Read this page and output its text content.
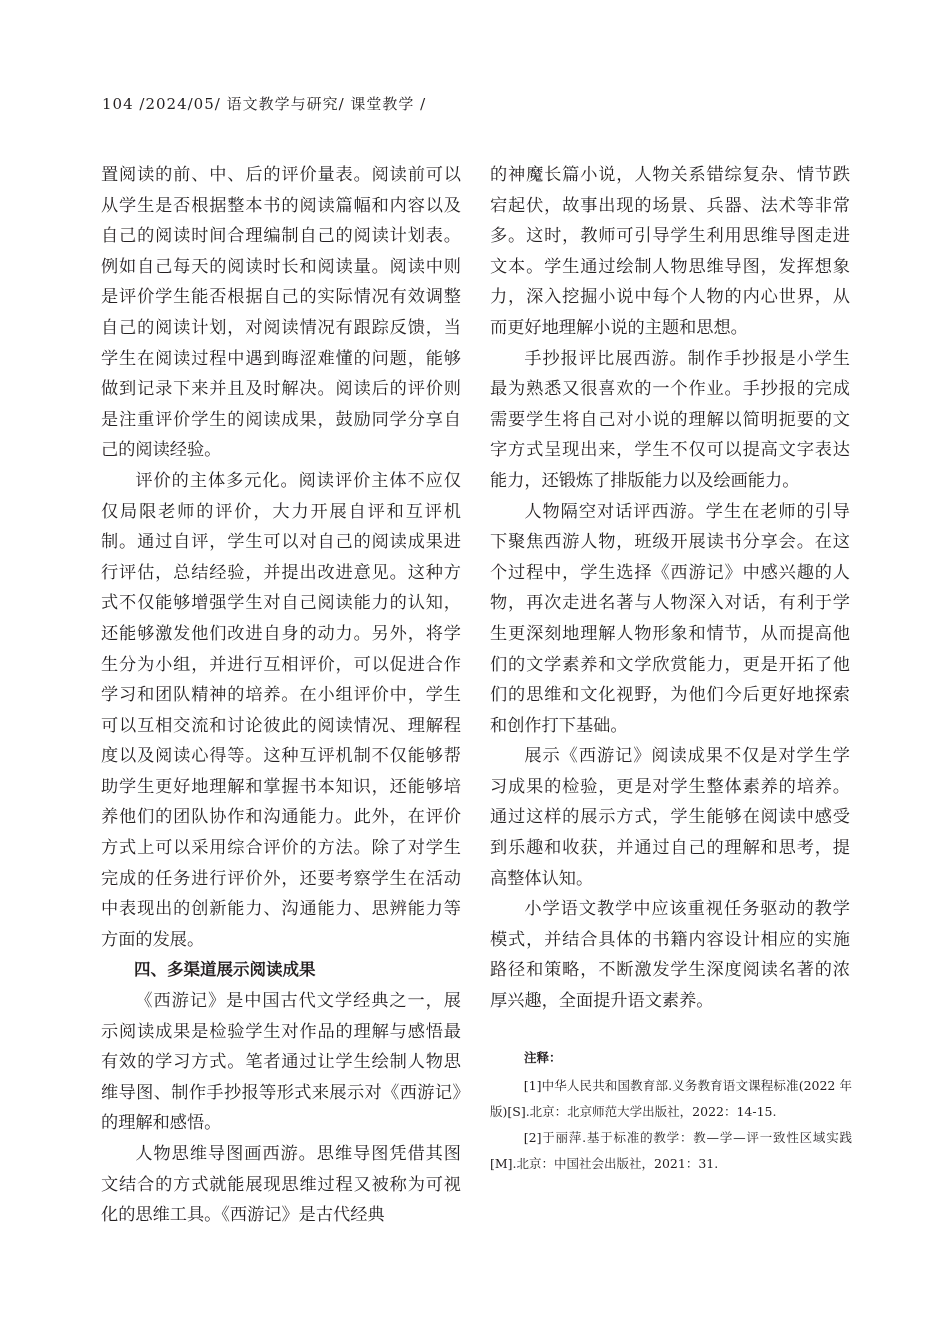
104 /2024/05/ 语文教学与研究/ 课堂教学 /

置阅读的前、中、后的评价量表。阅读前可以从学生是否根据整本书的阅读篇幅和内容以及自己的阅读时间合理编制自己的阅读计划表。例如自己每天的阅读时长和阅读量。阅读中则是评价学生能否根据自己的实际情况有效调整自己的阅读计划，对阅读情况有跟踪反馈，当学生在阅读过程中遇到晦涩难懂的问题，能够做到记录下来并且及时解决。阅读后的评价则是注重评价学生的阅读成果，鼓励同学分享自己的阅读经验。

评价的主体多元化。阅读评价主体不应仅仅局限老师的评价，大力开展自评和互评机制。通过自评，学生可以对自己的阅读成果进行评估，总结经验，并提出改进意见。这种方式不仅能够增强学生对自己阅读能力的认知，还能够激发他们改进自身的动力。另外，将学生分为小组，并进行互相评价，可以促进合作学习和团队精神的培养。在小组评价中，学生可以互相交流和讨论彼此的阅读情况、理解程度以及阅读心得等。这种互评机制不仅能够帮助学生更好地理解和掌握书本知识，还能够培养他们的团队协作和沟通能力。此外，在评价方式上可以采用综合评价的方法。除了对学生完成的任务进行评价外，还要考察学生在活动中表现出的创新能力、沟通能力、思辨能力等方面的发展。

四、多渠道展示阅读成果

《西游记》是中国古代文学经典之一，展示阅读成果是检验学生对作品的理解与感悟最有效的学习方式。笔者通过让学生绘制人物思维导图、制作手抄报等形式来展示对《西游记》的理解和感悟。

人物思维导图画西游。思维导图凭借其图文结合的方式就能展现思维过程又被称为可视化的思维工具。《西游记》是古代经典

的神魔长篇小说，人物关系错综复杂、情节跌宕起伏，故事出现的场景、兵器、法术等非常多。这时，教师可引导学生利用思维导图走进文本。学生通过绘制人物思维导图，发挥想象力，深入挖掘小说中每个人物的内心世界，从而更好地理解小说的主题和思想。

手抄报评比展西游。制作手抄报是小学生最为熟悉又很喜欢的一个作业。手抄报的完成需要学生将自己对小说的理解以简明扼要的文字方式呈现出来，学生不仅可以提高文字表达能力，还锻炼了排版能力以及绘画能力。

人物隔空对话评西游。学生在老师的引导下聚焦西游人物，班级开展读书分享会。在这个过程中，学生选择《西游记》中感兴趣的人物，再次走进名著与人物深入对话，有利于学生更深刻地理解人物形象和情节，从而提高他们的文学素养和文学欣赏能力，更是开拓了他们的思维和文化视野，为他们今后更好地探索和创作打下基础。

展示《西游记》阅读成果不仅是对学生学习成果的检验，更是对学生整体素养的培养。通过这样的展示方式，学生能够在阅读中感受到乐趣和收获，并通过自己的理解和思考，提高整体认知。

小学语文教学中应该重视任务驱动的教学模式，并结合具体的书籍内容设计相应的实施路径和策略，不断激发学生深度阅读名著的浓厚兴趣，全面提升语文素养。

注释：

[1]中华人民共和国教育部.义务教育语文课程标准(2022 年版)[S].北京：北京师范大学出版社，2022：14-15.

[2]于丽萍.基于标准的教学：教—学—评一致性区域实践[M].北京：中国社会出版社，2021：31.
